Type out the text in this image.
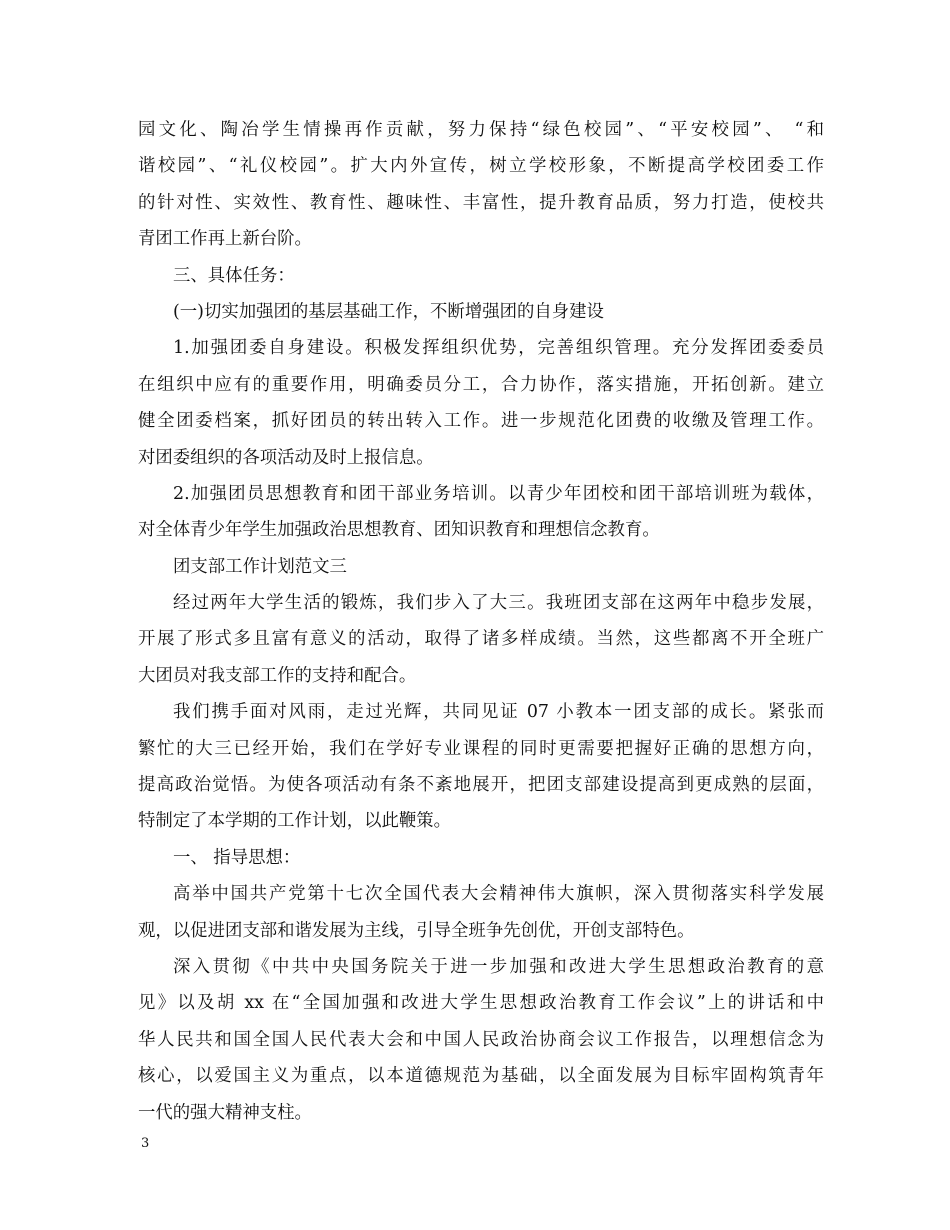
园文化、陶冶学生情操再作贡献，努力保持“绿色校园”、“平安校园”、 “和
谐校园”、“礼仪校园”。扩大内外宣传，树立学校形象，不断提高学校团委工作
的针对性、实效性、教育性、趣味性、丰富性，提升教育品质，努力打造，使校共
青团工作再上新台阶。
三、具体任务：
(一)切实加强团的基层基础工作，不断增强团的自身建设
1.加强团委自身建设。积极发挥组织优势，完善组织管理。充分发挥团委委员
在组织中应有的重要作用，明确委员分工，合力协作，落实措施，开拓创新。建立
健全团委档案，抓好团员的转出转入工作。进一步规范化团费的收缴及管理工作。
对团委组织的各项活动及时上报信息。
2.加强团员思想教育和团干部业务培训。以青少年团校和团干部培训班为载体，
对全体青少年学生加强政治思想教育、团知识教育和理想信念教育。
团支部工作计划范文三
经过两年大学生活的锻炼，我们步入了大三。我班团支部在这两年中稳步发展，
开展了形式多且富有意义的活动，取得了诸多样成绩。当然，这些都离不开全班广
大团员对我支部工作的支持和配合。
我们携手面对风雨，走过光辉，共同见证 07 小教本一团支部的成长。紧张而
繁忙的大三已经开始，我们在学好专业课程的同时更需要把握好正确的思想方向，
提高政治觉悟。为使各项活动有条不紊地展开，把团支部建设提高到更成熟的层面，
特制定了本学期的工作计划，以此鞭策。
一、 指导思想：
高举中国共产党第十七次全国代表大会精神伟大旗帜，深入贯彻落实科学发展
观，以促进团支部和谐发展为主线，引导全班争先创优，开创支部特色。
深入贯彻《中共中央国务院关于进一步加强和改进大学生思想政治教育的意
见》以及胡 xx 在“全国加强和改进大学生思想政治教育工作会议”上的讲话和中
华人民共和国全国人民代表大会和中国人民政治协商会议工作报告，以理想信念为
核心，以爱国主义为重点，以本道德规范为基础，以全面发展为目标牢固构筑青年
一代的强大精神支柱。
3
